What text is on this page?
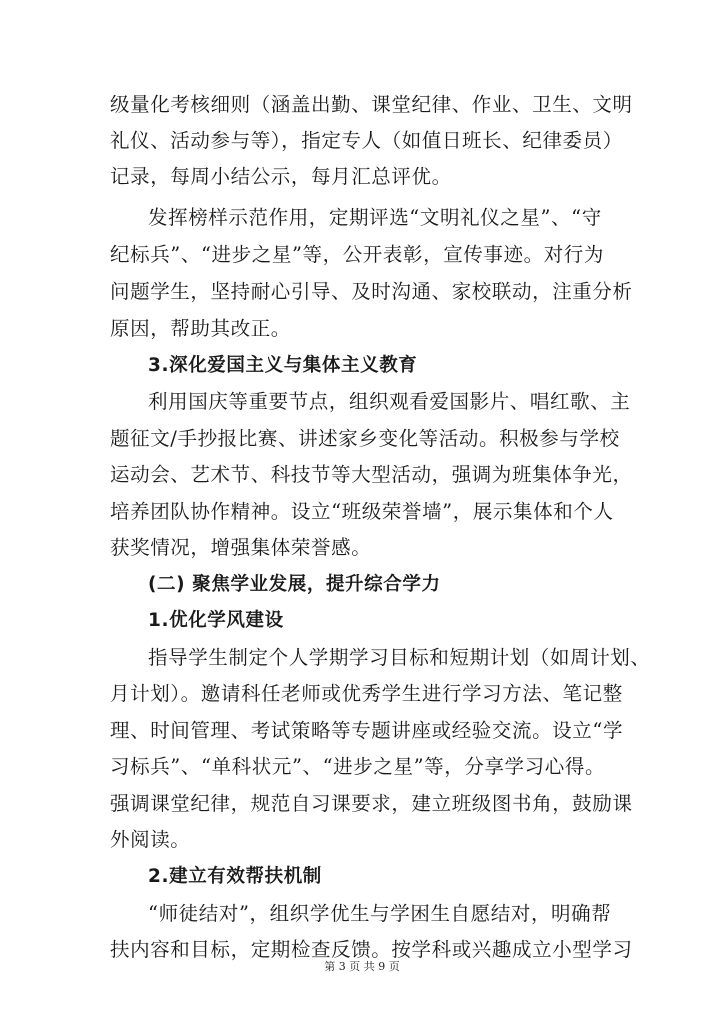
级量化考核细则（涵盖出勤、课堂纪律、作业、卫生、文明
礼仪、活动参与等），指定专人（如值日班长、纪律委员）
记录，每周小结公示，每月汇总评优。
发挥榜样示范作用，定期评选“文明礼仪之星”、“守
纪标兵”、“进步之星”等，公开表彰，宣传事迹。对行为
问题学生，坚持耐心引导、及时沟通、家校联动，注重分析
原因，帮助其改正。
3.深化爱国主义与集体主义教育
利用国庆等重要节点，组织观看爱国影片、唱红歌、主
题征文/手抄报比赛、讲述家乡变化等活动。积极参与学校
运动会、艺术节、科技节等大型活动，强调为班集体争光，
培养团队协作精神。设立“班级荣誉墙”，展示集体和个人
获奖情况，增强集体荣誉感。
(二) 聚焦学业发展，提升综合学力
1.优化学风建设
指导学生制定个人学期学习目标和短期计划（如周计划、
月计划）。邀请科任老师或优秀学生进行学习方法、笔记整
理、时间管理、考试策略等专题讲座或经验交流。设立“学
习标兵”、“单科状元”、“进步之星”等，分享学习心得。
强调课堂纪律，规范自习课要求，建立班级图书角，鼓励课
外阅读。
2.建立有效帮扶机制
“师徒结对”，组织学优生与学困生自愿结对，明确帮
扶内容和目标，定期检查反馈。按学科或兴趣成立小型学习
第 3 页 共 9 页
